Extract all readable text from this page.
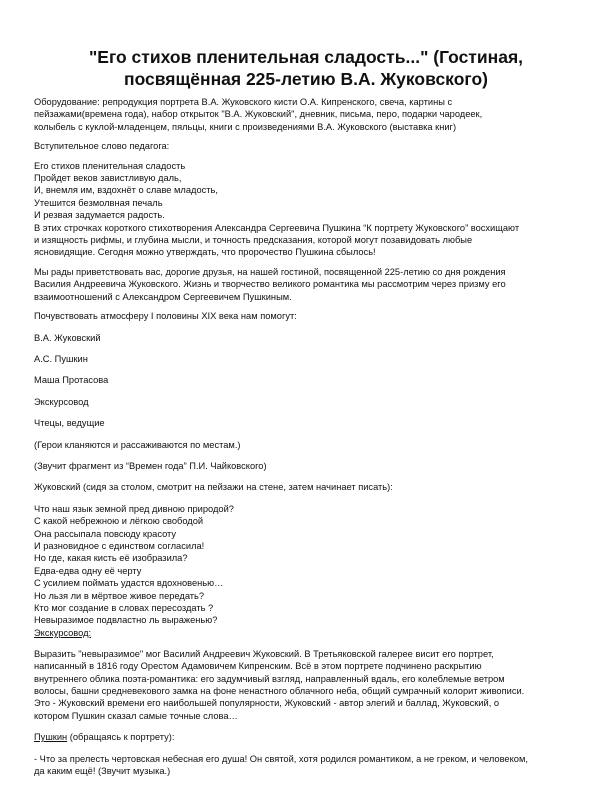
"Его стихов пленительная сладость..." (Гостиная,
посвящённая 225-летию В.А. Жуковского)

Оборудование: репродукция портрета В.А. Жуковского кисти О.А. Кипренского, свеча, картины с

пейзажами(времена года), набор открыток "В.А. Жуковский", дневник, письма, перо, подарки чародеек,

колыбель с куклой-младенцем, пяльцы, книги с произведениями В.А. Жуковского (выставка книг)

Вступительное слово педагога:

Его стихов пленительная сладость

Пройдет веков завистливую даль,

И, внемля им, вздохнёт о славе младость,

Утешится безмолвная печаль

И резвая задумается радость.

В этих строчках короткого стихотворения Александра Сергеевича Пушкина “К портрету Жуковского” восхищают

и изящность рифмы, и глубина мысли, и точность предсказания, которой могут позавидовать любые

ясновидящие. Сегодня можно утверждать, что пророчество Пушкина сбылось!

Мы рады приветствовать вас, дорогие друзья, на нашей гостиной, посвященной 225-летию со дня рождения

Василия Андреевича Жуковского. Жизнь и творчество великого романтика мы рассмотрим через призму его

взаимоотношений с Александром Сергеевичем Пушкиным.

Почувствовать атмосферу I половины XIX века нам помогут:

В.А. Жуковский

А.С. Пушкин

Маша Протасова

Экскурсовод

Чтецы, ведущие

(Герои кланяются и рассаживаются по местам.)

(Звучит фрагмент из “Времен года” П.И. Чайковского)

Жуковский (сидя за столом, смотрит на пейзажи на стене, затем начинает писать):

Что наш язык земной пред дивною природой?

С какой небрежною и лёгкою свободой

Она рассыпала повсюду красоту

И разновидное с единством согласила!

Но где, какая кисть её изобразила?

Едва-едва одну её черту

С усилием поймать удастся вдохновенью…

Но льзя ли в мёртвое живое передать?

Кто мог создание в словах пересоздать ?

Невыразимое подвластно ль выраженью?

Экскурсовод:

Выразить "невыразимое" мог Василий Андреевич Жуковский. В Третьяковской галерее висит его портрет,

написанный в 1816 году Орестом Адамовичем Кипренским. Всё в этом портрете подчинено раскрытию

внутреннего облика поэта-романтика: его задумчивый взгляд, направленный вдаль, его колеблемые ветром

волосы, башни средневекового замка на фоне ненастного облачного неба, общий сумрачный колорит живописи.

Это - Жуковский времени его наибольшей популярности, Жуковский - автор элегий и баллад, Жуковский, о

котором Пушкин сказал самые точные слова…

Пушкин (обращаясь к портрету):

- Что за прелесть чертовская небесная его душа! Он святой, хотя родился романтиком, а не греком, и человеком,

да каким ещё! (Звучит музыка.)
